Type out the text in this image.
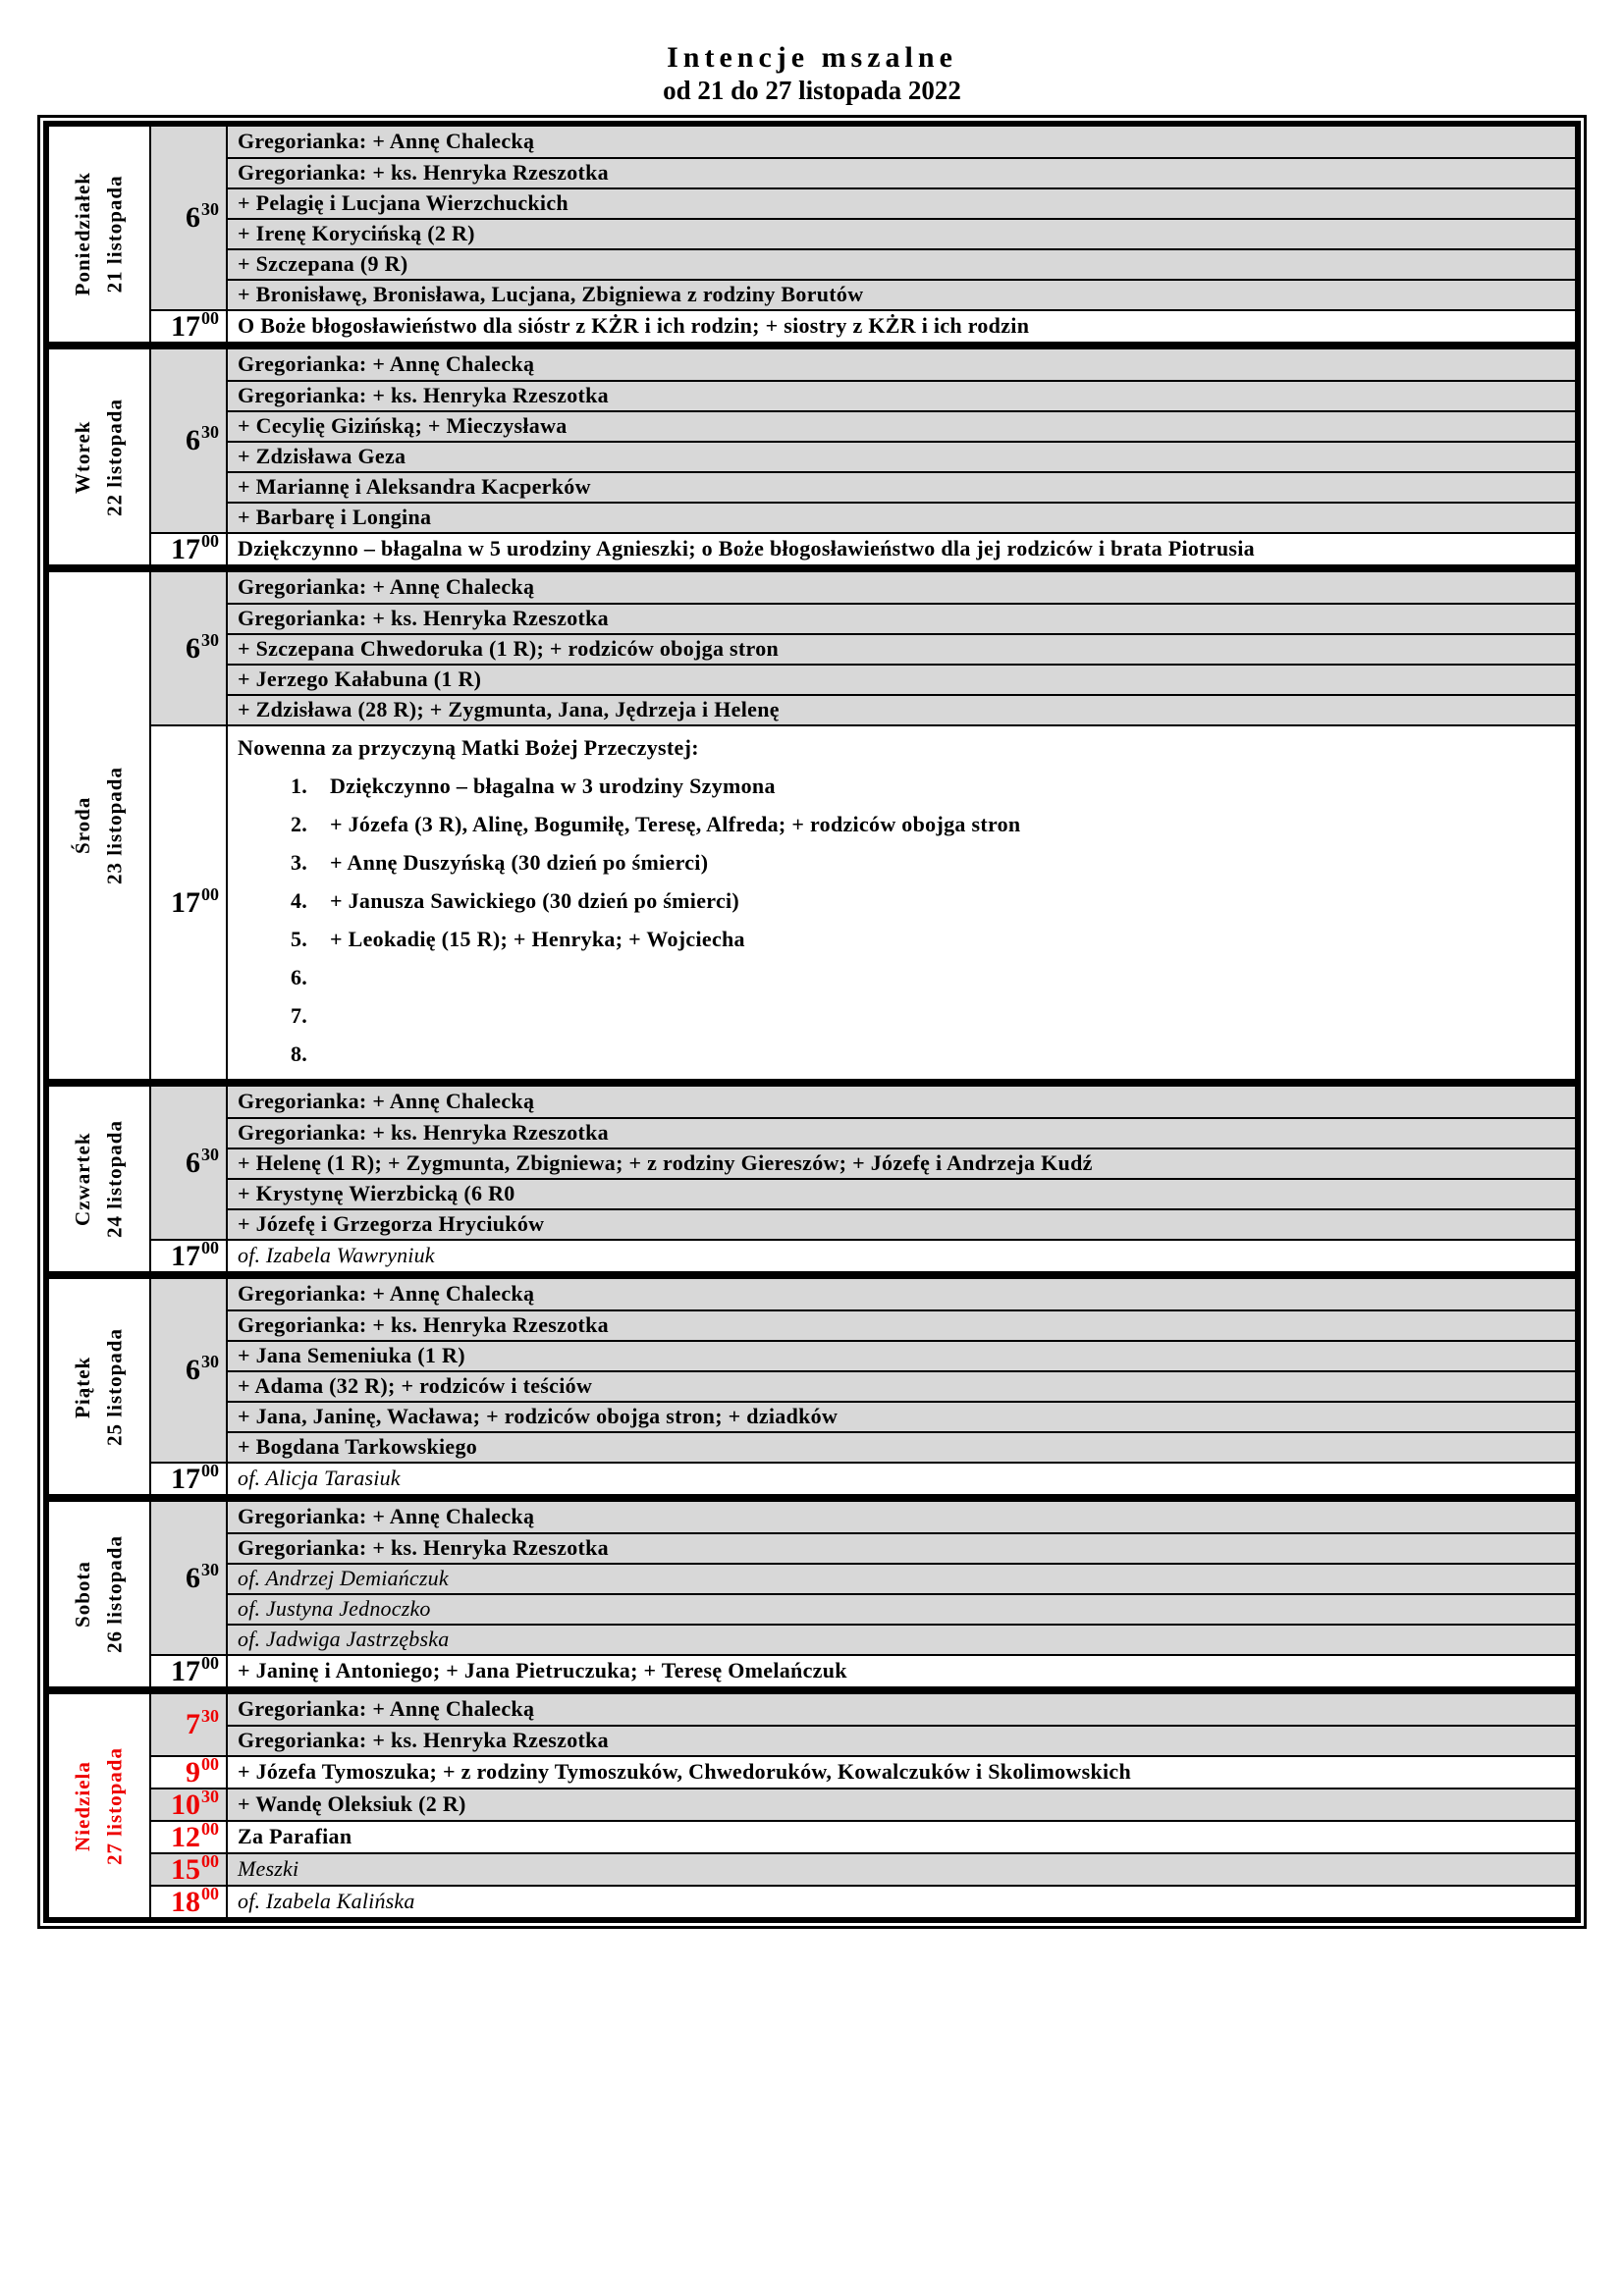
Intencje mszalne
od 21 do 27 listopada 2022
Poniedziałek 21 listopada 6 30
Gregorianka: + Annę Chalecką
Gregorianka: + ks. Henryka Rzeszotka
+ Pelagię i Lucjana Wierzchuckich
+ Irenę Korycińską (2 R)
+ Szczepana (9 R)
+ Bronisławę, Bronisława, Lucjana, Zbigniewa z rodziny Borutów
17 00 O Boże błogosławieństwo dla sióstr z KŻR i ich rodzin; + siostry z KŻR i ich rodzin
Wtorek 22 listopada 6 30
Gregorianka: + Annę Chalecką
Gregorianka: + ks. Henryka Rzeszotka
+ Cecylię Gizińską; + Mieczysława
+ Zdzisława Geza
+ Mariannę i Aleksandra Kacperków
+ Barbarę i Longina
17 00 Dziękczynno – błagalna w 5 urodziny Agnieszki; o Boże błogosławieństwo dla jej rodziców i brata Piotrusia
Środa 23 listopada
6 30
Gregorianka: + Annę Chalecką
Gregorianka: + ks. Henryka Rzeszotka
+ Szczepana Chwedoruka (1 R); + rodziców obojga stron
+ Jerzego Kałabuna (1 R)
+ Zdzisława (28 R); + Zygmunta, Jana, Jędrzeja i Helenę
17 00
Nowenna za przyczyną Matki Bożej Przeczystej:
1.	Dziękczynno – błagalna w 3 urodziny Szymona
2.	+ Józefa (3 R), Alinę, Bogumiłę, Teresę, Alfreda; + rodziców obojga stron
3.	+ Annę Duszyńską (30 dzień po śmierci)
4.	+ Janusza Sawickiego (30 dzień po śmierci)
5.	+ Leokadię (15 R); + Henryka; + Wojciecha
6.
7.
8.
Czwartek 24 listopada 6 30
Gregorianka: + Annę Chalecką
Gregorianka: + ks. Henryka Rzeszotka
+ Helenę (1 R); + Zygmunta, Zbigniewa; + z rodziny Giereszów; + Józefę i Andrzeja Kudź
+ Krystynę Wierzbicką (6 R0
+ Józefę i Grzegorza Hryciuków
17 00 of. Izabela Wawryniuk
Piątek 25 listopada 6 30
Gregorianka: + Annę Chalecką
Gregorianka: + ks. Henryka Rzeszotka
+ Jana Semeniuka (1 R)
+ Adama (32 R); + rodziców i teściów
+ Jana, Janinę, Wacława; + rodziców obojga stron; + dziadków
+ Bogdana Tarkowskiego
17 00 of. Alicja Tarasiuk
Sobota 26 listopada 6 30
Gregorianka: + Annę Chalecką
Gregorianka: + ks. Henryka Rzeszotka
of. Andrzej Demiańczuk
of. Justyna Jednoczko
of. Jadwiga Jastrzębska
17 00 + Janinę i Antoniego; + Jana Pietruczuka; + Teresę Omelańczuk
Niedziela 27 listopada
7 30 Gregorianka: + Annę Chalecką
Gregorianka: + ks. Henryka Rzeszotka
9 00 + Józefa Tymoszuka; + z rodziny Tymoszuków, Chwedoruków, Kowalczuków i Skolimowskich
10 30 + Wandę Oleksiuk (2 R)
12 00 Za Parafian
15 00 Meszki
18 00 of. Izabela Kalińska
